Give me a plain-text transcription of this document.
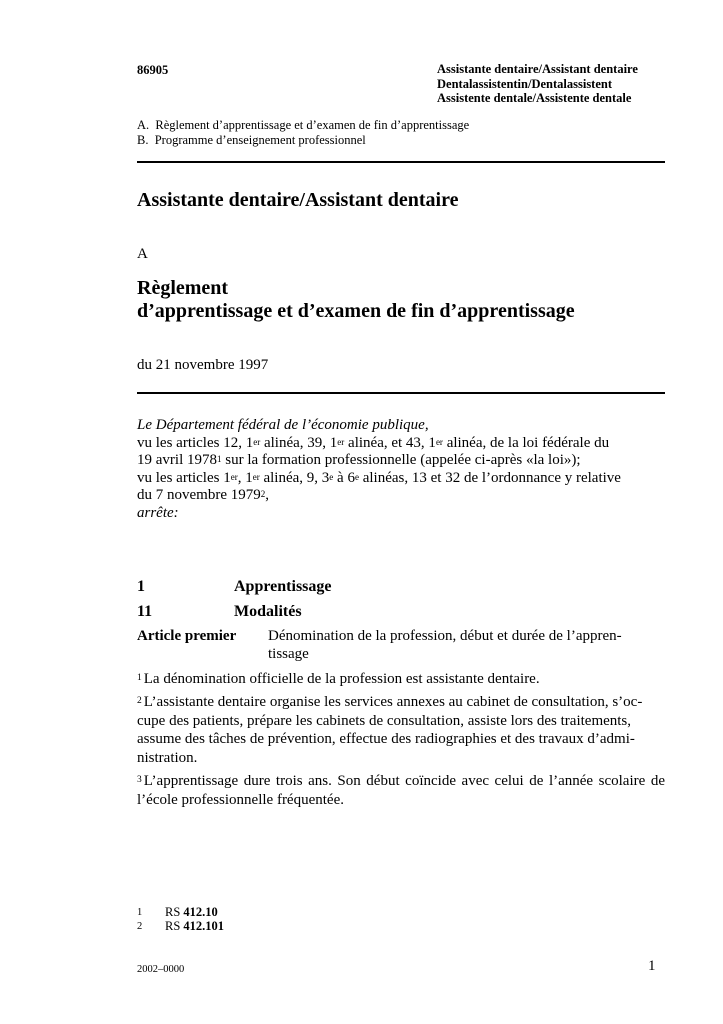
86905	Assistante dentaire/Assistant dentaire
Dentalassistentin/Dentalassistent
Assistente dentale/Assistente dentale
A.  Règlement d’apprentissage et d’examen de fin d’apprentissage
B.  Programme d’enseignement professionnel
Assistante dentaire/Assistant dentaire
A
Règlement
d’apprentissage et d’examen de fin d’apprentissage
du 21 novembre 1997
Le Département fédéral de l’économie publique,
vu les articles 12, 1er alinéa, 39, 1er alinéa, et 43, 1er alinéa, de la loi fédérale du
19 avril 1978$^1$ sur la formation professionnelle (appelée ci-après «la loi»);
vu les articles 1er, 1er alinéa, 9, 3e à 6e alinéas, 13 et 32 de l’ordonnance y relative
du 7 novembre 1979$^2$,
arrête:
1	Apprentissage
11	Modalités
Article premier Dénomination de la profession, début et durée de l’appren-
tissage
$^1$ La dénomination officielle de la profession est assistante dentaire.
$^2$ L’assistante dentaire organise les services annexes au cabinet de consultation, s’oc-
cupe des patients, prépare les cabinets de consultation, assiste lors des traitements,
assume des tâches de prévention, effectue des radiographies et des travaux d’admi-
nistration.
$^3$ L’apprentissage dure trois ans. Son début coïncide avec celui de l’année scolaire de l’école professionnelle fréquentée.
1	RS 412.10
2	RS 412.101
2002–0000	1
